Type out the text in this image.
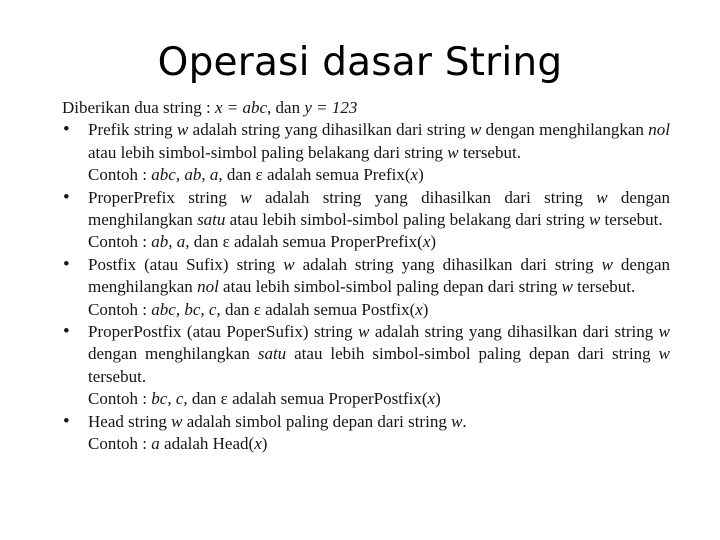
Operasi dasar String

Diberikan dua string : x = abc, dan y = 123

• Prefik string w adalah string yang dihasilkan dari string w dengan menghilangkan nol atau lebih simbol-simbol paling belakang dari string w tersebut.
Contoh : abc, ab, a, dan ε adalah semua Prefix(x)
• ProperPrefix string w adalah string yang dihasilkan dari string w dengan menghilangkan satu atau lebih simbol-simbol paling belakang dari string w tersebut.
Contoh : ab, a, dan ε adalah semua ProperPrefix(x)
• Postfix (atau Sufix) string w adalah string yang dihasilkan dari string w dengan menghilangkan nol atau lebih simbol-simbol paling depan dari string w tersebut.
Contoh : abc, bc, c, dan ε adalah semua Postfix(x)
• ProperPostfix (atau PoperSufix) string w adalah string yang dihasilkan dari string w dengan menghilangkan satu atau lebih simbol-simbol paling depan dari string w tersebut.
Contoh : bc, c, dan ε adalah semua ProperPostfix(x)
• Head string w adalah simbol paling depan dari string w.
Contoh : a adalah Head(x)
